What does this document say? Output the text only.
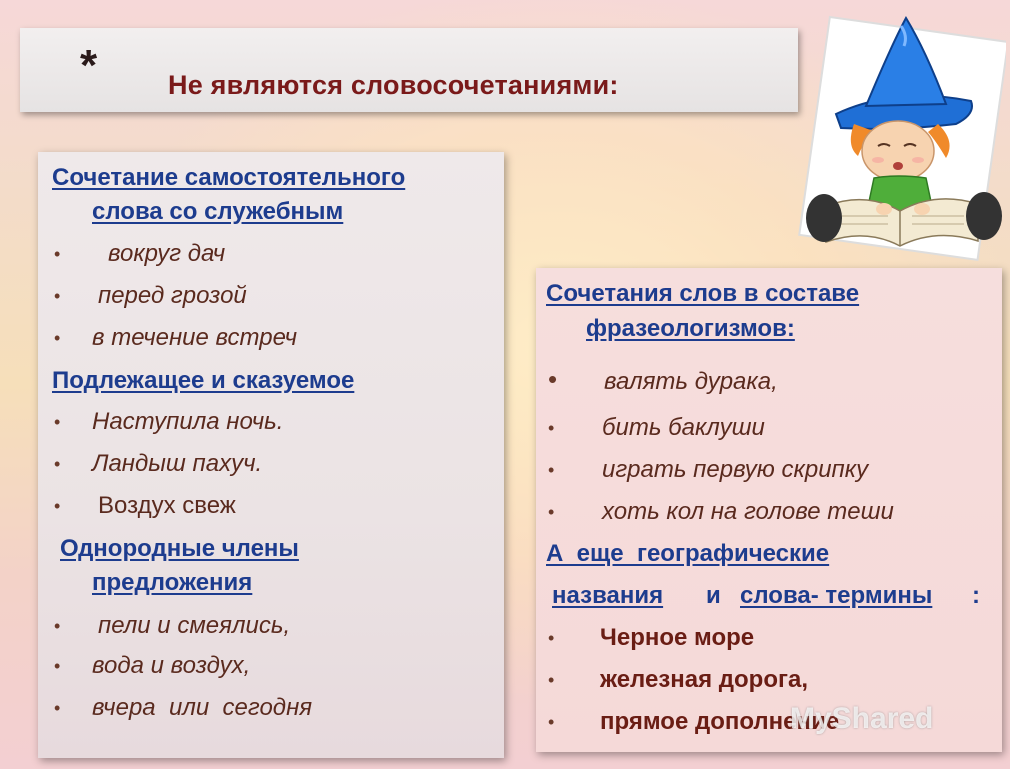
*	Не являются словосочетаниями:
Сочетание самостоятельного
слова со служебным
• вокруг дач
• перед грозой
• в течение встреч
Подлежащее и сказуемое
• Наступила ночь.
• Ландыш пахуч.
• Воздух свеж
Однородные члены
предложения
• пели и смеялись,
• вода и воздух,
• вчера  или  сегодня
Сочетания слов в составе
фразеологизмов:
• валять дурака,
• бить баклуши
• играть первую скрипку
• хоть кол на голове теши
А  еще  географические
названия и слова- термины :
• Черное море
• железная дорога,
• прямое дополнение
MyShared
